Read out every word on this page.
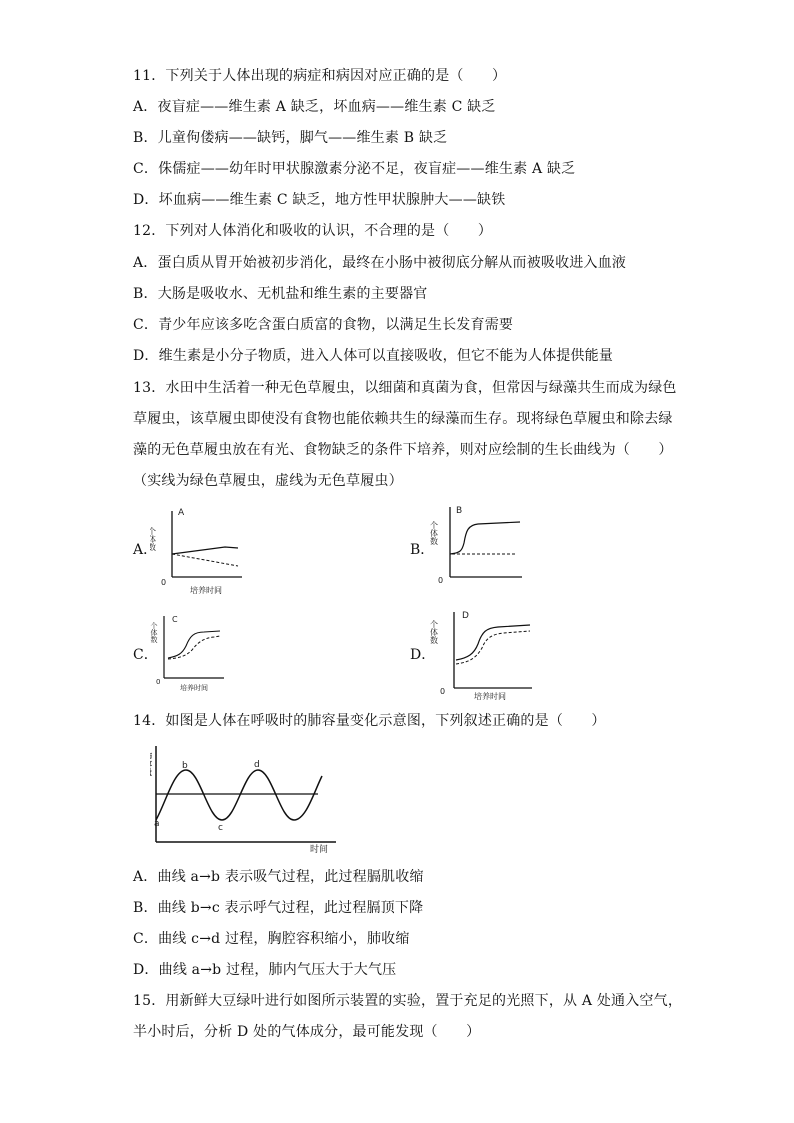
11．下列关于人体出现的病症和病因对应正确的是（　　）
A．夜盲症——维生素 A 缺乏，坏血病——维生素 C 缺乏
B．儿童佝偻病——缺钙，脚气——维生素 B 缺乏
C．侏儒症——幼年时甲状腺激素分泌不足，夜盲症——维生素 A 缺乏
D．坏血病——维生素 C 缺乏，地方性甲状腺肿大——缺铁
12．下列对人体消化和吸收的认识，不合理的是（　　）
A．蛋白质从胃开始被初步消化，最终在小肠中被彻底分解从而被吸收进入血液
B．大肠是吸收水、无机盐和维生素的主要器官
C．青少年应该多吃含蛋白质富的食物，以满足生长发育需要
D．维生素是小分子物质，进入人体可以直接吸收，但它不能为人体提供能量
13．水田中生活着一种无色草履虫，以细菌和真菌为食，但常因与绿藻共生而成为绿色
草履虫，该草履虫即使没有食物也能依赖共生的绿藻而生存。现将绿色草履虫和除去绿
藻的无色草履虫放在有光、食物缺乏的条件下培养，则对应绘制的生长曲线为（　　）
（实线为绿色草履虫，虚线为无色草履虫）
A．	B．
C．	D．
个体数
A
0
培养时间
个体数
B
0
个体数
C
0
培养时间
个体数
D
0
培养时间
14．如图是人体在呼吸时的肺容量变化示意图，下列叙述正确的是（　　）
肺容量
a
b
c
d
时间
A．曲线 a→b 表示吸气过程，此过程膈肌收缩
B．曲线 b→c 表示呼气过程，此过程膈顶下降
C．曲线 c→d 过程，胸腔容积缩小，肺收缩
D．曲线 a→b 过程，肺内气压大于大气压
15．用新鲜大豆绿叶进行如图所示装置的实验，置于充足的光照下，从 A 处通入空气，
半小时后，分析 D 处的气体成分，最可能发现（　　）
